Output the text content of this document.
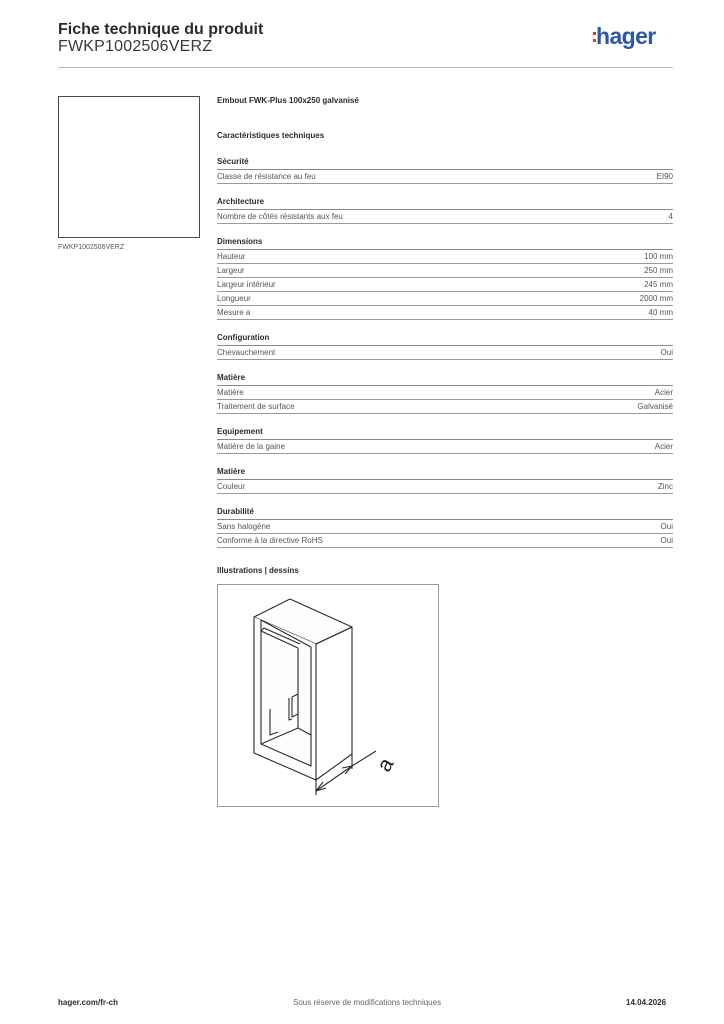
Fiche technique du produit
FWKP1002506VERZ	hager
FWKP1002506VERZ
Embout FWK-Plus 100x250 galvanisé
Caractéristiques techniques
Sécurité
Classe de résistance au feu	EI90
Architecture
Nombre de côtés résistants aux feu	4
Dimensions
Hauteur	100 mm
Largeur	250 mm
Largeur intérieur	245 mm
Longueur	2000 mm
Mesure a	40 mm
Configuration
Chevauchement	Oui
Matière
Matière	Acier
Traitement de surface	Galvanisé
Equipement
Matière de la gaine	Acier
Matière
Couleur	Zinc
Durabilité
Sans halogène	Oui
Conforme à la directive RoHS	Oui
Illustrations | dessins
a
hager.com/fr-ch	Sous réserve de modifications techniques	14.04.2026
